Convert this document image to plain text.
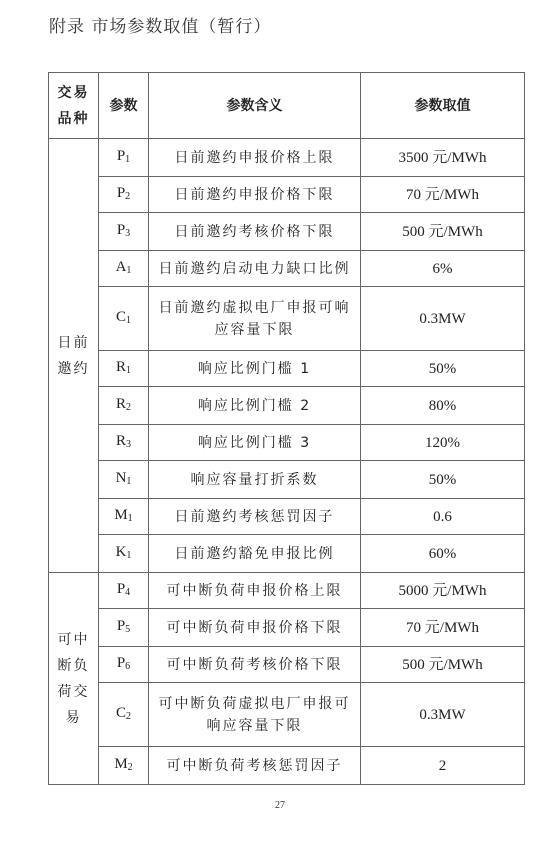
附录 市场参数取值（暂行）
交易品种	参数	参数含义	参数取值
日前邀约	$P_1$	日前邀约申报价格上限	3500 元/MWh
	$P_2$	日前邀约申报价格下限	70 元/MWh
	$P_3$	日前邀约考核价格下限	500 元/MWh
	$A_1$	日前邀约启动电力缺口比例	6%
	$C_1$	日前邀约虚拟电厂申报可响应容量下限	0.3MW
	$R_1$	响应比例门槛 1	50%
	$R_2$	响应比例门槛 2	80%
	$R_3$	响应比例门槛 3	120%
	$N_1$	响应容量打折系数	50%
	$M_1$	日前邀约考核惩罚因子	0.6
	$K_1$	日前邀约豁免申报比例	60%
可中断负荷交易	$P_4$	可中断负荷申报价格上限	5000 元/MWh
	$P_5$	可中断负荷申报价格下限	70 元/MWh
	$P_6$	可中断负荷考核价格下限	500 元/MWh
	$C_2$	可中断负荷虚拟电厂申报可响应容量下限	0.3MW
	$M_2$	可中断负荷考核惩罚因子	2
27
